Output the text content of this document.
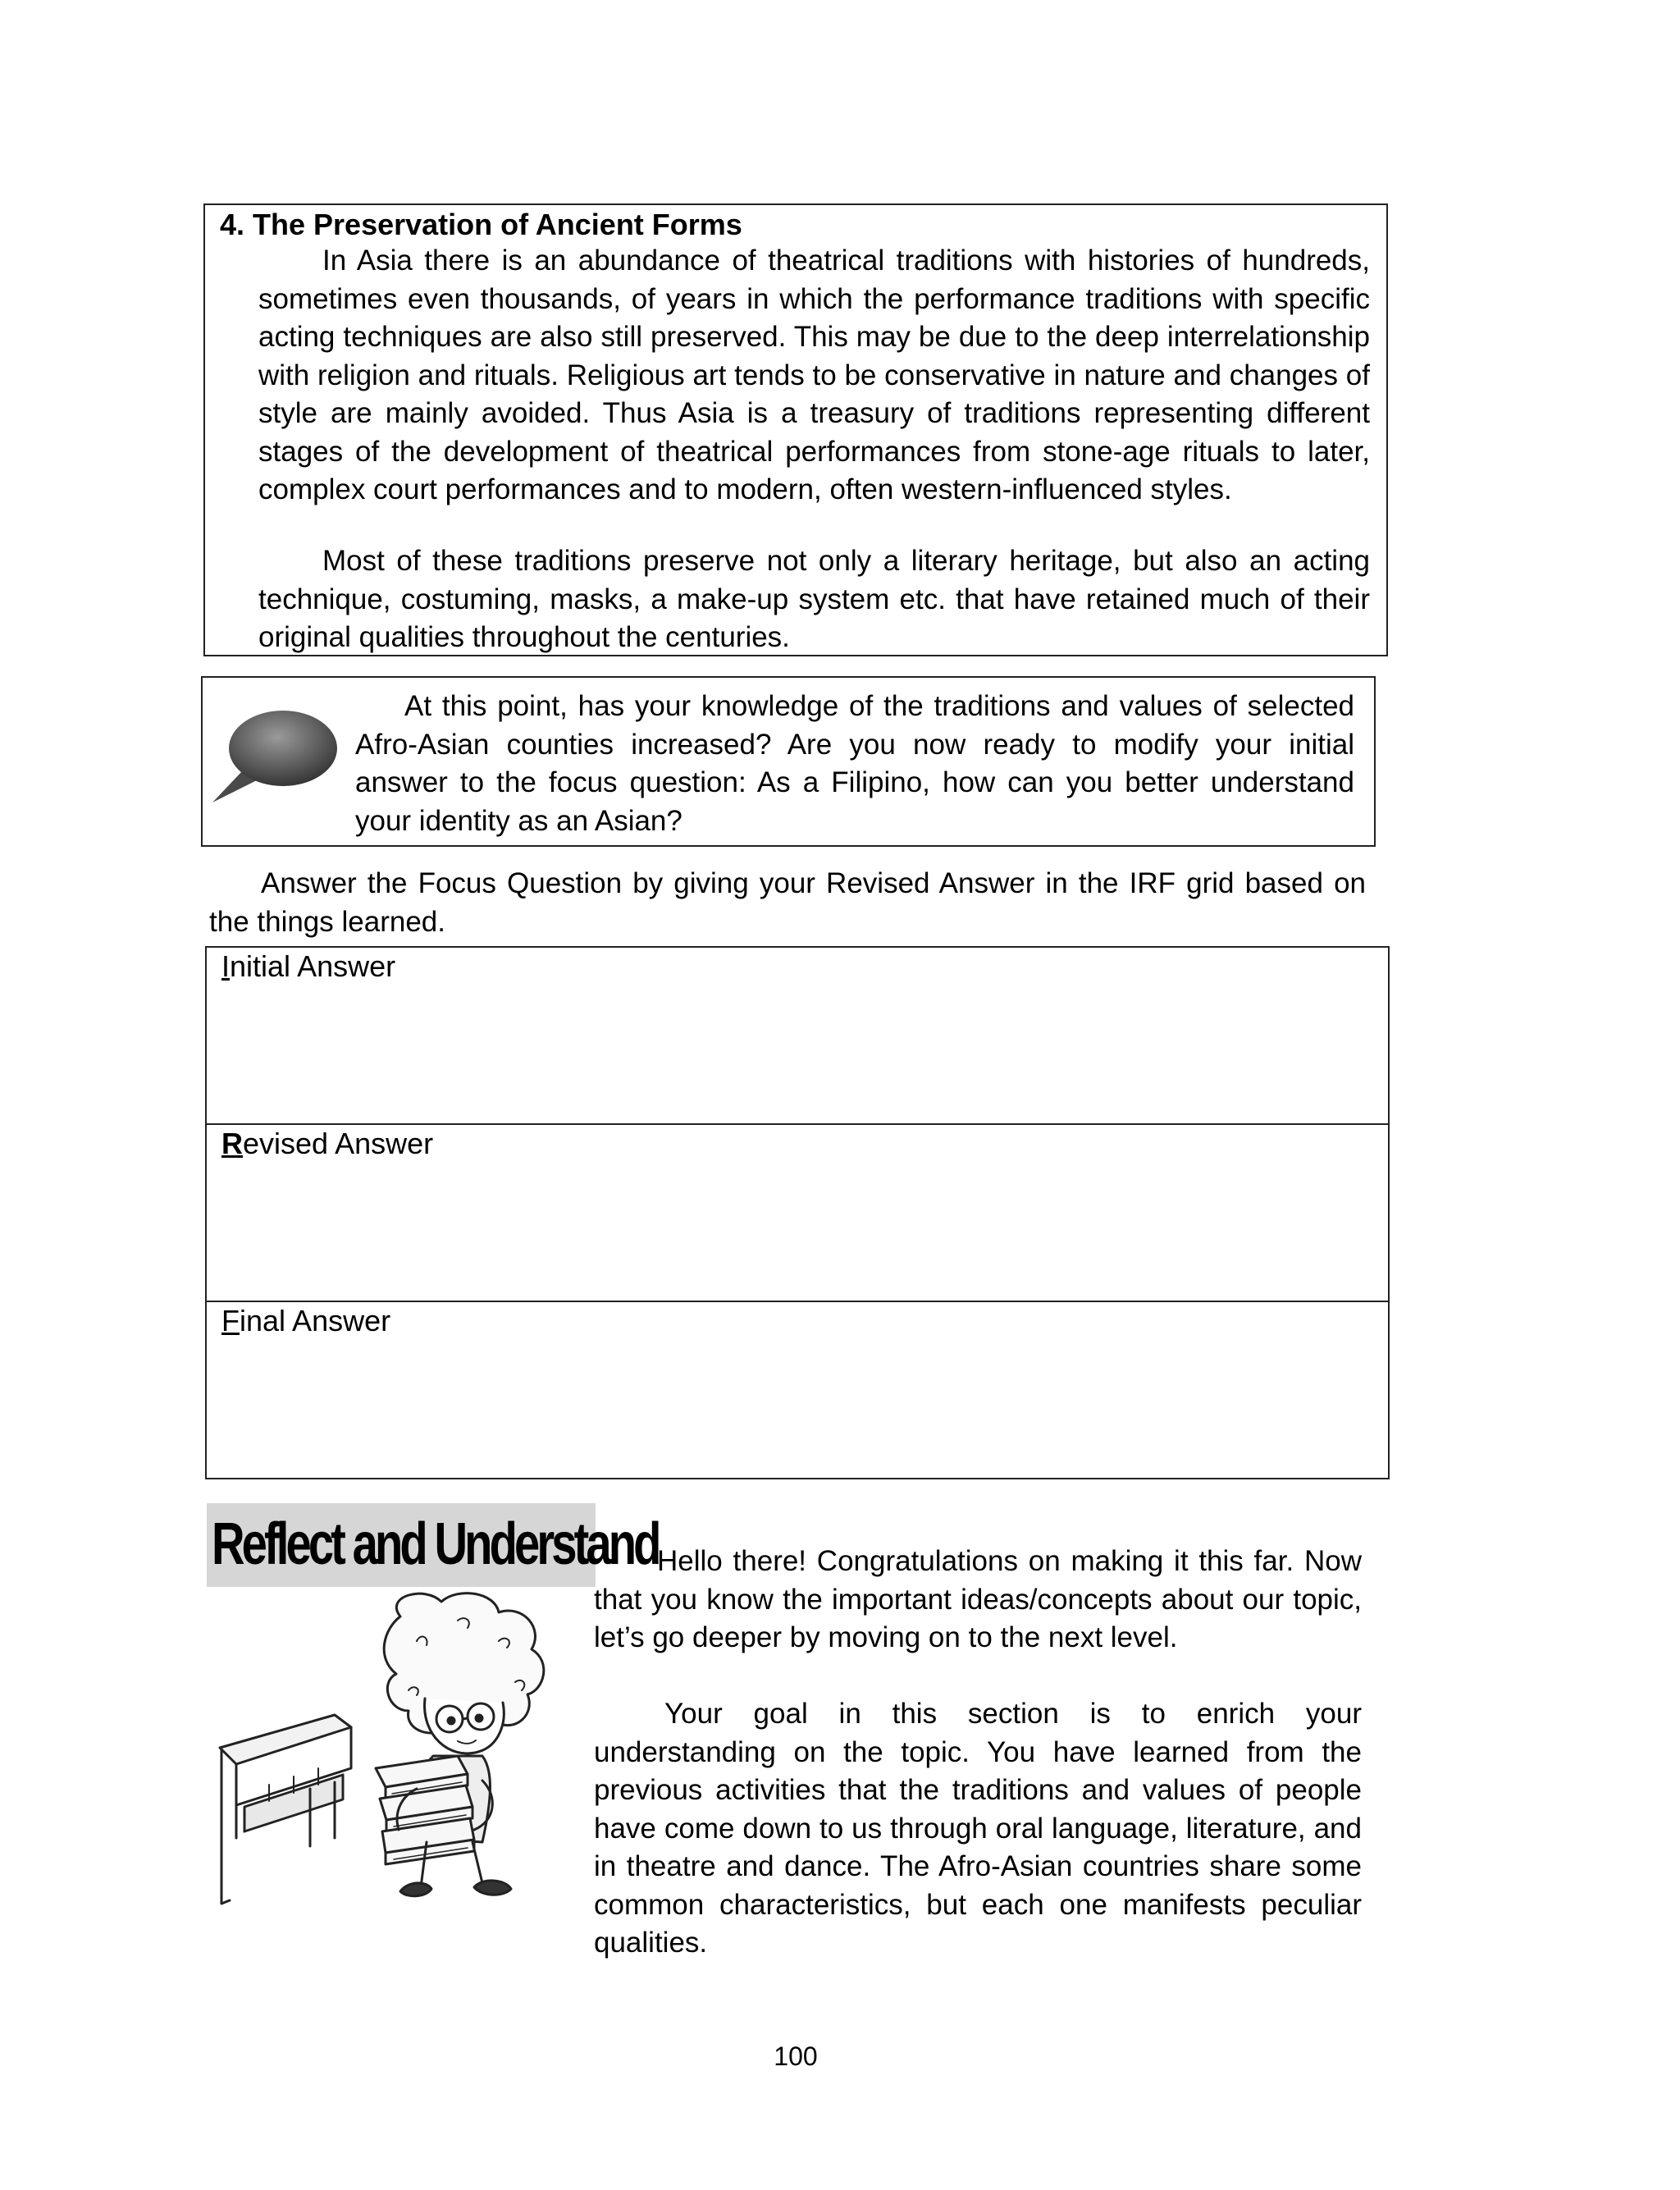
4. The Preservation of Ancient Forms

In Asia there is an abundance of theatrical traditions with histories of hundreds, sometimes even thousands, of years in which the performance traditions with specific acting techniques are also still preserved. This may be due to the deep interrelationship with religion and rituals. Religious art tends to be conservative in nature and changes of style are mainly avoided. Thus Asia is a treasury of traditions representing different stages of the development of theatrical performances from stone-age rituals to later, complex court performances and to modern, often western-influenced styles.

Most of these traditions preserve not only a literary heritage, but also an acting technique, costuming, masks, a make-up system etc. that have retained much of their original qualities throughout the centuries.

At this point, has your knowledge of the traditions and values of selected Afro-Asian counties increased? Are you now ready to modify your initial answer to the focus question: As a Filipino, how can you better understand your identity as an Asian?

Answer the Focus Question by giving your Revised Answer in the IRF grid based on the things learned.

Initial Answer
Revised Answer
Final Answer
Reflect and Understand

Hello there! Congratulations on making it this far. Now that you know the important ideas/concepts about our topic, let’s go deeper by moving on to the next level.

Your goal in this section is to enrich your understanding on the topic. You have learned from the previous activities that the traditions and values of people have come down to us through oral language, literature, and in theatre and dance. The Afro-Asian countries share some common characteristics, but each one manifests peculiar qualities.

100
